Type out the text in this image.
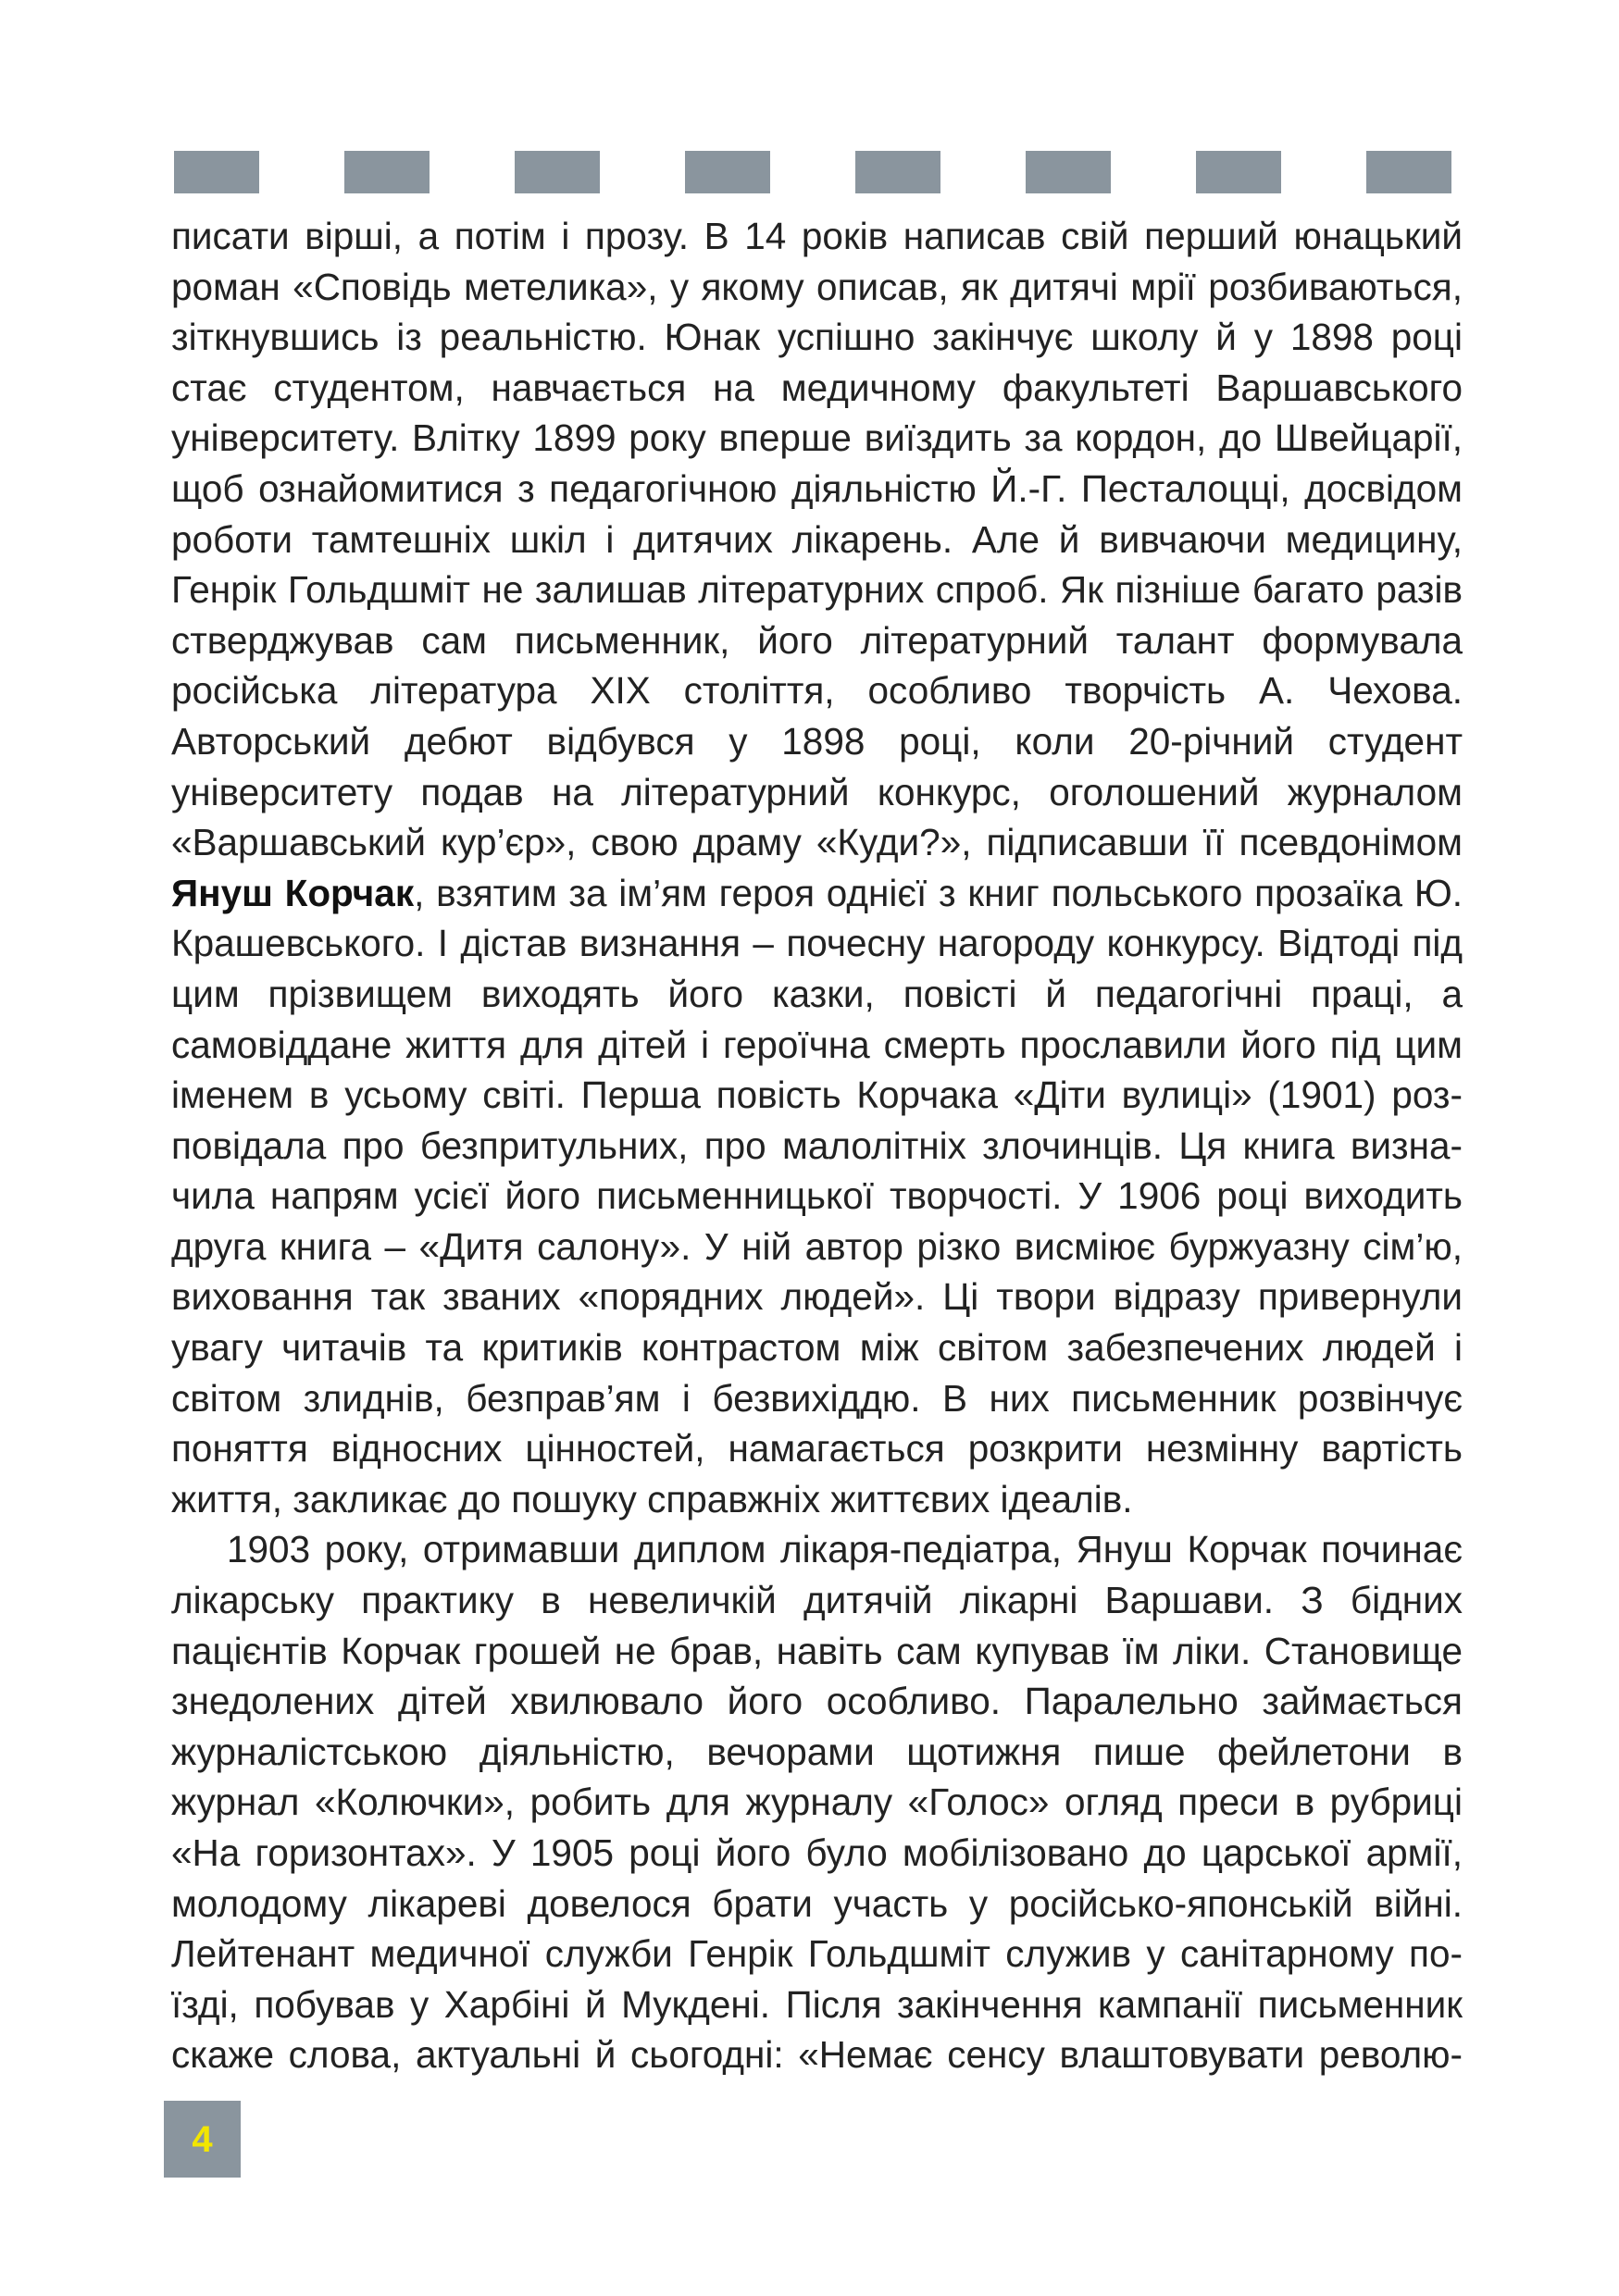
писати вірші, а потім і прозу. В 14 років написав свій перший юнацький роман «Сповідь метелика», у якому описав, як дитячі мрії розбиваються, зіткнувшись із реальністю. Юнак успішно закінчує школу й у 1898 році стає студентом, навчається на медичному факультеті Варшавського університету. Влітку 1899 року вперше виїздить за кордон, до Швейцарії, щоб ознайомитися з педагогічною діяльністю Й.-Г. Песталоцці, досвідом роботи тамтешніх шкіл і дитячих лікарень. Але й вивчаючи медицину, Генрік Гольдшміт не залишав літературних спроб. Як пізніше багато разів стверджував сам письменник, його літературний талант формувала російська література XIX століття, особливо творчість А. Чехова. Авторський дебют відбувся у 1898 році, коли 20-річний студент університету подав на літературний конкурс, оголошений журналом «Варшавський кур’єр», свою драму «Куди?», підписавши її псевдонімом Януш Корчак, взятим за ім’ям героя однієї з книг польського прозаїка Ю. Крашевського. І дістав визнання – почесну нагороду конкурсу. Відтоді під цим прізвищем виходять його казки, повісті й педагогічні праці, а самовіддане життя для дітей і героїчна смерть прославили його під цим іменем в усьому світі. Перша повість Корчака «Діти вулиці» (1901) розповідала про безпритульних, про малолітніх злочинців. Ця книга визначила напрям усієї його письменницької творчості. У 1906 році виходить друга книга – «Дитя салону». У ній автор різко висміює буржуазну сім’ю, виховання так званих «порядних людей». Ці твори відразу привернули увагу читачів та критиків контрастом між світом забезпечених людей і світом злиднів, безправ’ям і безвихіддю. В них письменник розвінчує поняття відносних цінностей, намагається розкрити незмінну вартість життя, закликає до пошуку справжніх життєвих ідеалів.

1903 року, отримавши диплом лікаря-педіатра, Януш Корчак починає лікарську практику в невеличкій дитячій лікарні Варшави. З бідних пацієнтів Корчак грошей не брав, навіть сам купував їм ліки. Становище знедолених дітей хвилювало його особливо. Паралельно займається журналістською діяльністю, вечорами щотижня пише фейлетони в журнал «Колючки», робить для журналу «Голос» огляд преси в рубриці «На горизонтах». У 1905 році його було мобілізовано до царської армії, молодому лікареві довелося брати участь у російсько-японській війні. Лейтенант медичної служби Генрік Гольдшміт служив у санітарному поїзді, побував у Харбіні й Мукдені. Після закінчення кампанії письменник скаже слова, актуальні й сьогодні: «Немає сенсу влаштовувати револю

4
